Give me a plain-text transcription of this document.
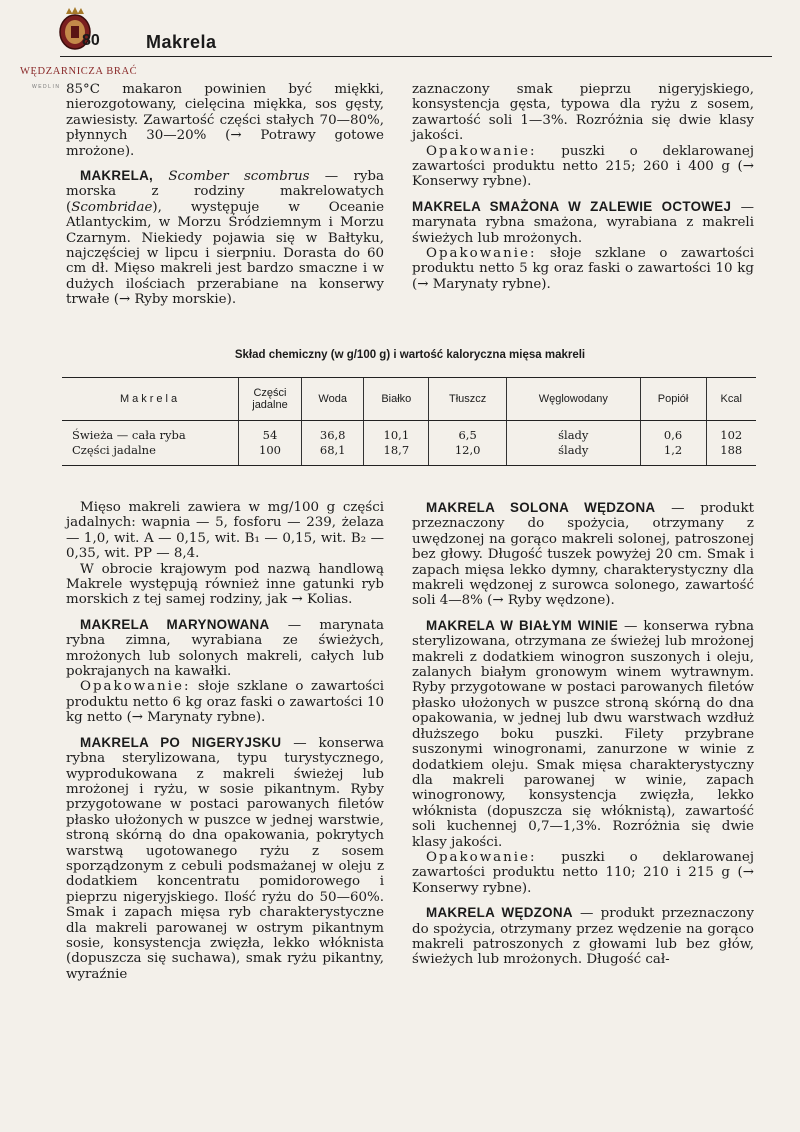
WĘDZARNICZA BRAĆ
WEDLIN
80	Makrela

85°C makaron powinien być miękki, nierozgotowany, cielęcina miękka, sos gęsty, zawiesisty. Zawartość części stałych 70—80%, płynnych 30—20% (→ Potrawy gotowe mrożone).

MAKRELA, Scomber scombrus — ryba morska z rodziny makrelowatych (Scombridae), występuje w Oceanie Atlantyckim, w Morzu Śródziemnym i Morzu Czarnym. Niekiedy pojawia się w Bałtyku, najczęściej w lipcu i sierpniu. Dorasta do 60 cm dł. Mięso makreli jest bardzo smaczne i w dużych ilościach przerabiane na konserwy trwałe (→ Ryby morskie).

zaznaczony smak pieprzu nigeryjskiego, konsystencja gęsta, typowa dla ryżu z sosem, zawartość soli 1—3%. Rozróżnia się dwie klasy jakości.

Opakowanie: puszki o deklarowanej zawartości produktu netto 215; 260 i 400 g (→ Konserwy rybne).

MAKRELA SMAŻONA W ZALEWIE OCTOWEJ — marynata rybna smażona, wyrabiana z makreli świeżych lub mrożonych.

Opakowanie: słoje szklane o zawartości produktu netto 5 kg oraz faski o zawartości 10 kg (→ Marynaty rybne).

Skład chemiczny (w g/100 g) i wartość kaloryczna mięsa makreli
Makrela	Części jadalne	Woda	Białko	Tłuszcz	Węglowodany	Popiół	Kcal
Świeża — cała ryba	54	36,8	10,1	6,5	ślady	0,6	102
Części jadalne	100	68,1	18,7	12,0	ślady	1,2	188

Mięso makreli zawiera w mg/100 g części jadalnych: wapnia — 5, fosforu — 239, żelaza — 1,0, wit. A — 0,15, wit. B₁ — 0,15, wit. B₂ — 0,35, wit. PP — 8,4.

W obrocie krajowym pod nazwą handlową Makrele występują również inne gatunki ryb morskich z tej samej rodziny, jak → Kolias.

MAKRELA MARYNOWANA — marynata rybna zimna, wyrabiana ze świeżych, mrożonych lub solonych makreli, całych lub pokrajanych na kawałki.

Opakowanie: słoje szklane o zawartości produktu netto 6 kg oraz faski o zawartości 10 kg netto (→ Marynaty rybne).

MAKRELA PO NIGERYJSKU — konserwa rybna sterylizowana, typu turystycznego, wyprodukowana z makreli świeżej lub mrożonej i ryżu, w sosie pikantnym. Ryby przygotowane w postaci parowanych filetów płasko ułożonych w puszce w jednej warstwie, stroną skórną do dna opakowania, pokrytych warstwą ugotowanego ryżu z sosem sporządzonym z cebuli podsmażanej w oleju z dodatkiem koncentratu pomidorowego i pieprzu nigeryjskiego. Ilość ryżu do 50—60%. Smak i zapach mięsa ryb charakterystyczne dla makreli parowanej w ostrym pikantnym sosie, konsystencja zwięzła, lekko włóknista (dopuszcza się suchawa), smak ryżu pikantny, wyraźnie

MAKRELA SOLONA WĘDZONA — produkt przeznaczony do spożycia, otrzymany z uwędzonej na gorąco makreli solonej, patroszonej bez głowy. Długość tuszek powyżej 20 cm. Smak i zapach mięsa lekko dymny, charakterystyczny dla makreli wędzonej z surowca solonego, zawartość soli 4—8% (→ Ryby wędzone).

MAKRELA W BIAŁYM WINIE — konserwa rybna sterylizowana, otrzymana ze świeżej lub mrożonej makreli z dodatkiem winogron suszonych i oleju, zalanych białym gronowym winem wytrawnym. Ryby przygotowane w postaci parowanych filetów płasko ułożonych w puszce stroną skórną do dna opakowania, w jednej lub dwu warstwach wzdłuż dłuższego boku puszki. Filety przybrane suszonymi winogronami, zanurzone w winie z dodatkiem oleju. Smak mięsa charakterystyczny dla makreli parowanej w winie, zapach winogronowy, konsystencja zwięzła, lekko włóknista (dopuszcza się włóknistą), zawartość soli kuchennej 0,7—1,3%. Rozróżnia się dwie klasy jakości.

Opakowanie: puszki o deklarowanej zawartości produktu netto 110; 210 i 215 g (→ Konserwy rybne).

MAKRELA WĘDZONA — produkt przeznaczony do spożycia, otrzymany przez wędzenie na gorąco makreli patroszonych z głowami lub bez głów, świeżych lub mrożonych. Długość cał-
